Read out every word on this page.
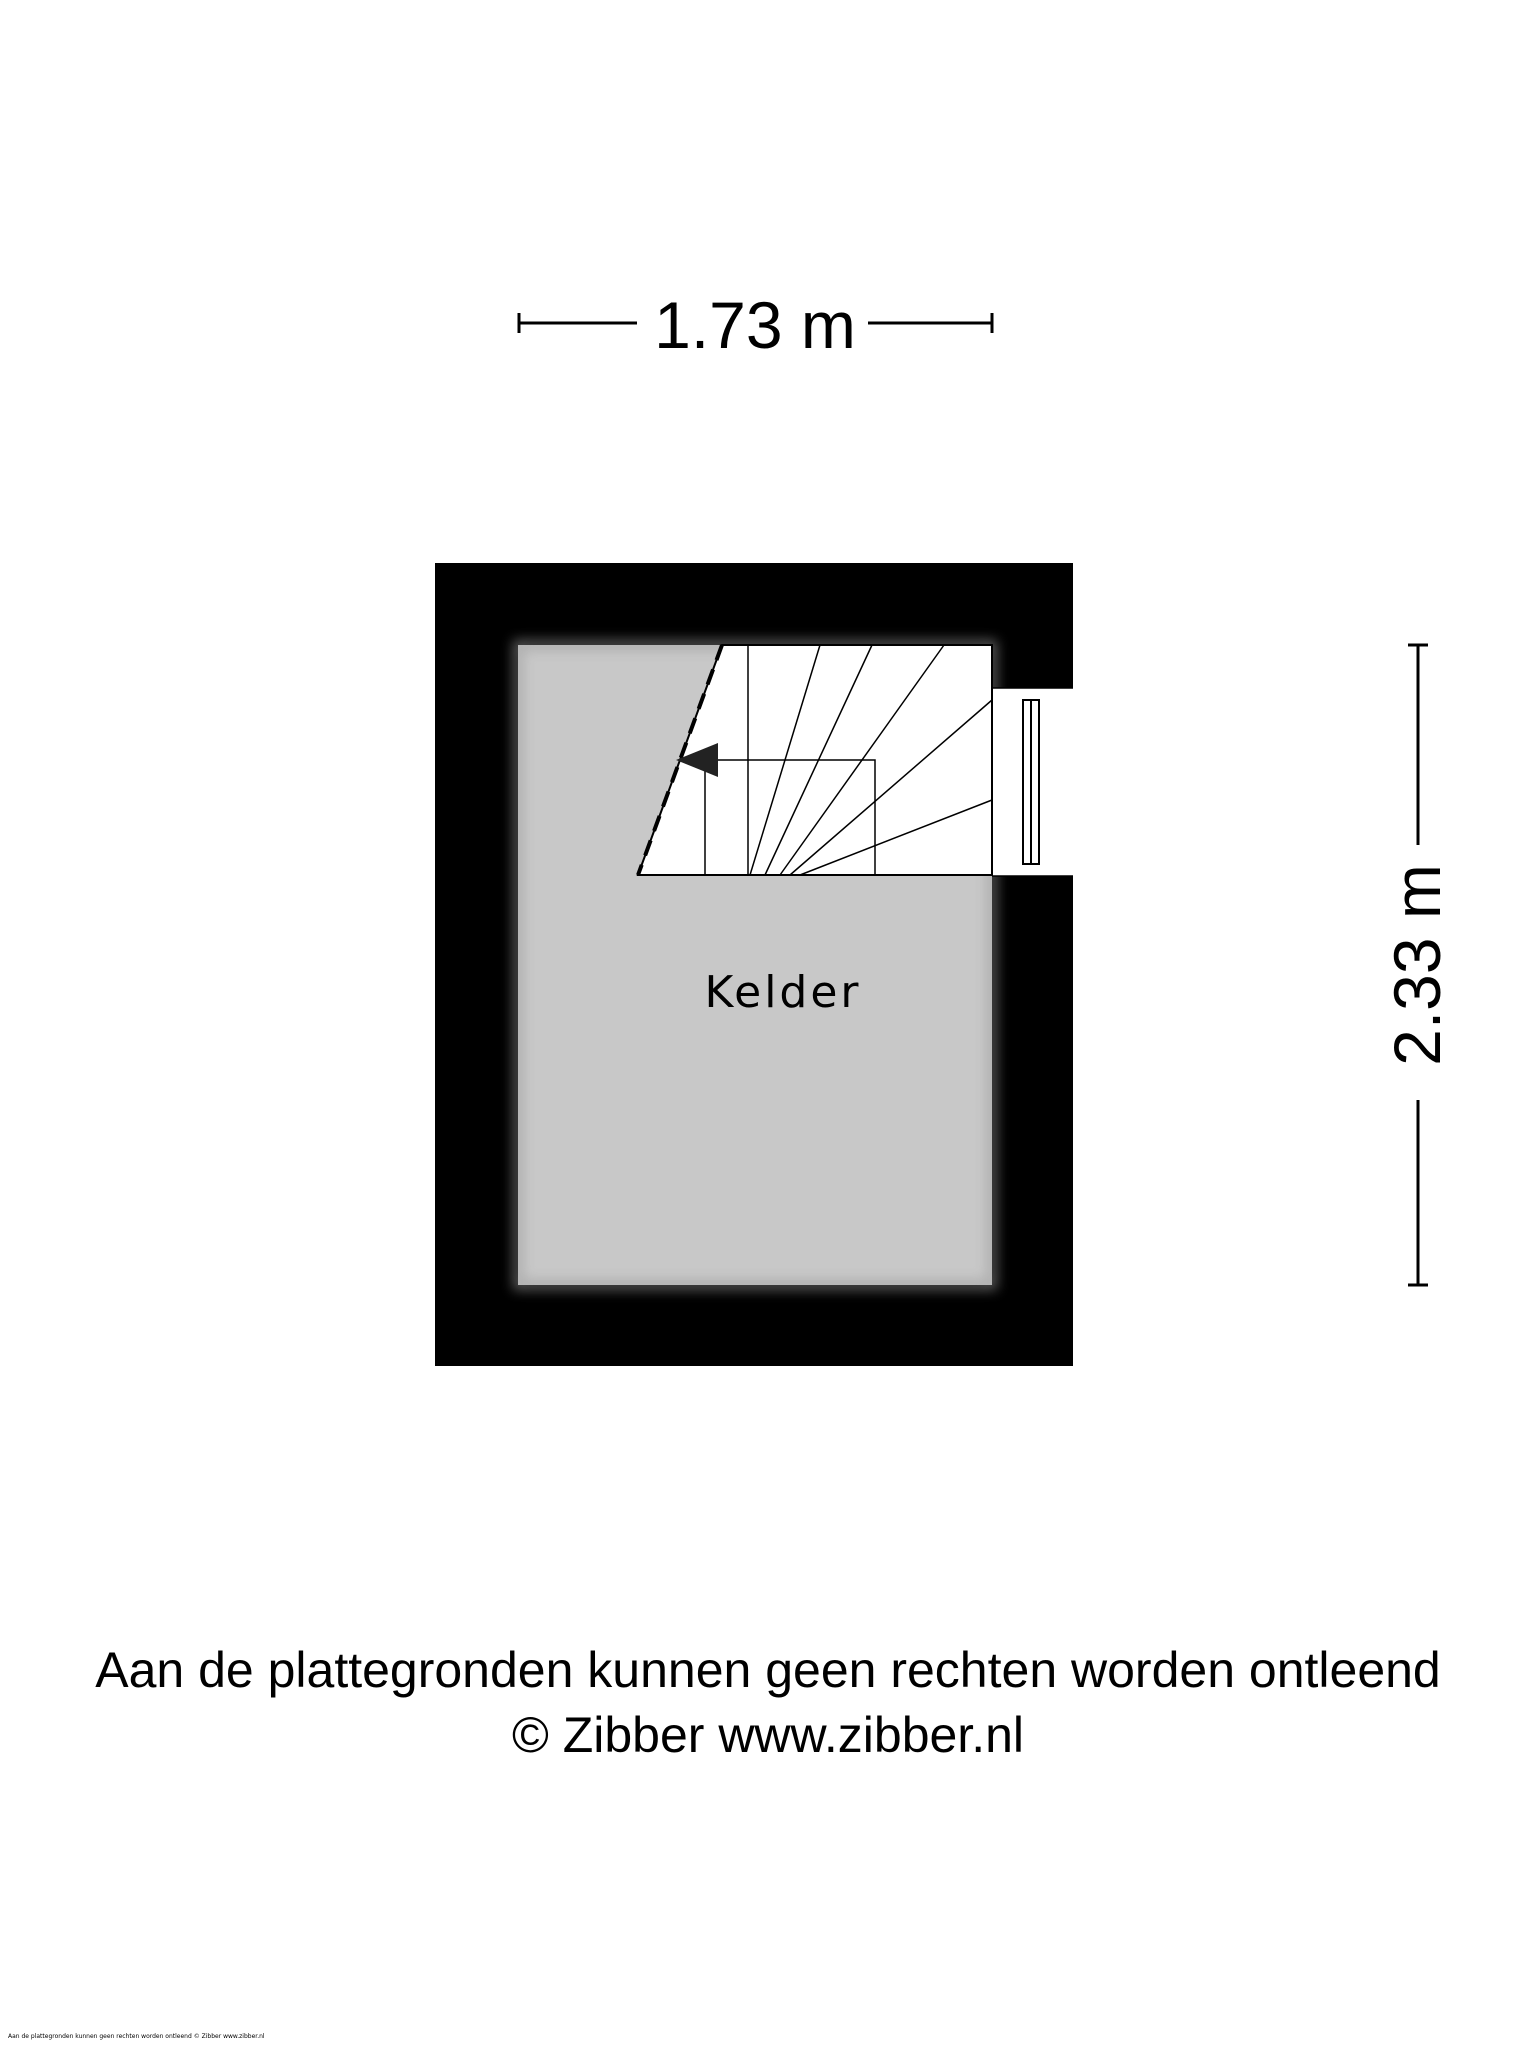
1.73 m
2.33 m
Kelder
Aan de plattegronden kunnen geen rechten worden ontleend
© Zibber www.zibber.nl
Aan de plattegronden kunnen geen rechten worden ontleend © Zibber www.zibber.nl
